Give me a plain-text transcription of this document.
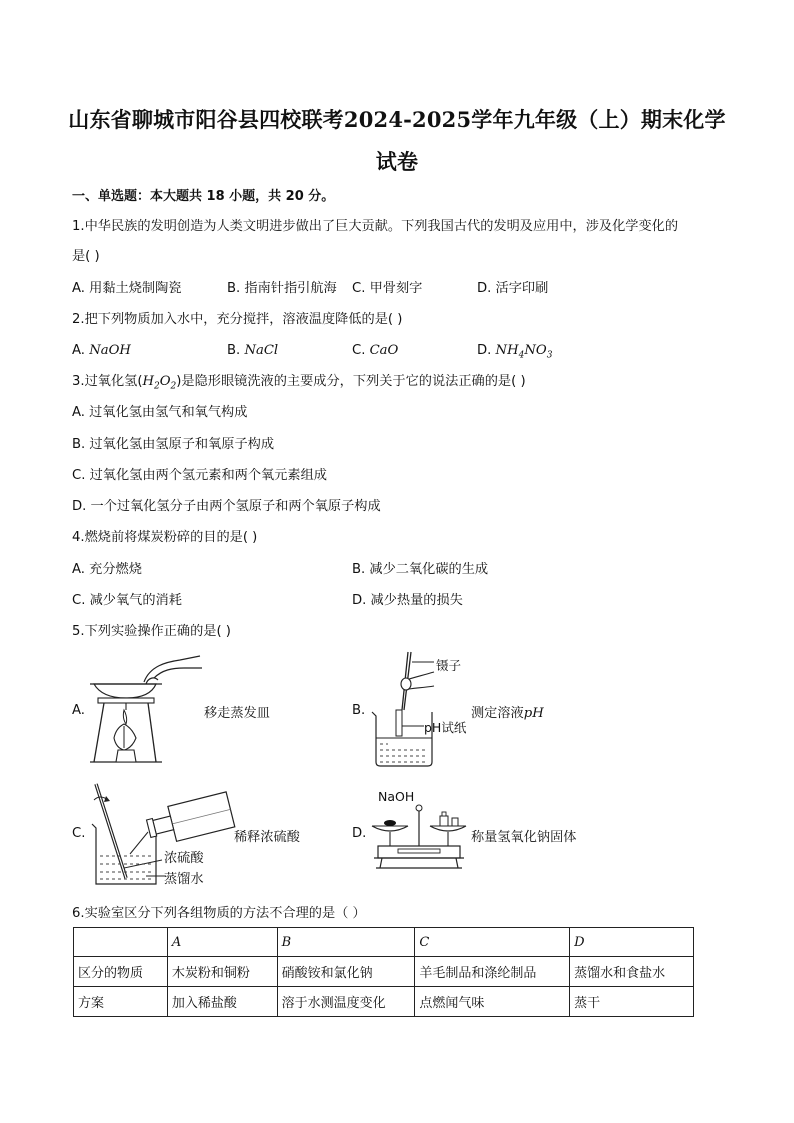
山东省聊城市阳谷县四校联考2024-2025学年九年级（上）期末化学
试卷
一、单选题：本大题共 18 小题，共 20 分。
1.中华民族的发明创造为人类文明进步做出了巨大贡献。下列我国古代的发明及应用中，涉及化学变化的
是( )
A. 用黏土烧制陶瓷	B. 指南针指引航海 C. 甲骨刻字	D. 活字印刷
2.把下列物质加入水中，充分搅拌，溶液温度降低的是( )
A. NaOH	B. NaCl	C. CaO	D. $NH_4NO_3$
3.过氧化氢$(H_2O_2)$是隐形眼镜洗液的主要成分，下列关于它的说法正确的是( )
A. 过氧化氢由氢气和氧气构成
B. 过氧化氢由氢原子和氧原子构成
C. 过氧化氢由两个氢元素和两个氧元素组成
D. 一个过氧化氢分子由两个氢原子和两个氧原子构成
4.燃烧前将煤炭粉碎的目的是( )
A. 充分燃烧	B. 减少二氧化碳的生成
C. 减少氧气的消耗	D. 减少热量的损失
5.下列实验操作正确的是( )
A.	移走蒸发皿	B.
镊子
pH试纸
测定溶液pH
C.	稀释浓硫酸
浓硫酸
蒸馏水
D.
NaOH
称量氢氧化钠固体
6.实验室区分下列各组物质的方法不合理的是（ ）
	A	B	C	D
区分的物质	木炭粉和铜粉	硝酸铵和氯化钠	羊毛制品和涤纶制品	蒸馏水和食盐水
方案	加入稀盐酸	溶于水测温度变化	点燃闻气味	蒸干
